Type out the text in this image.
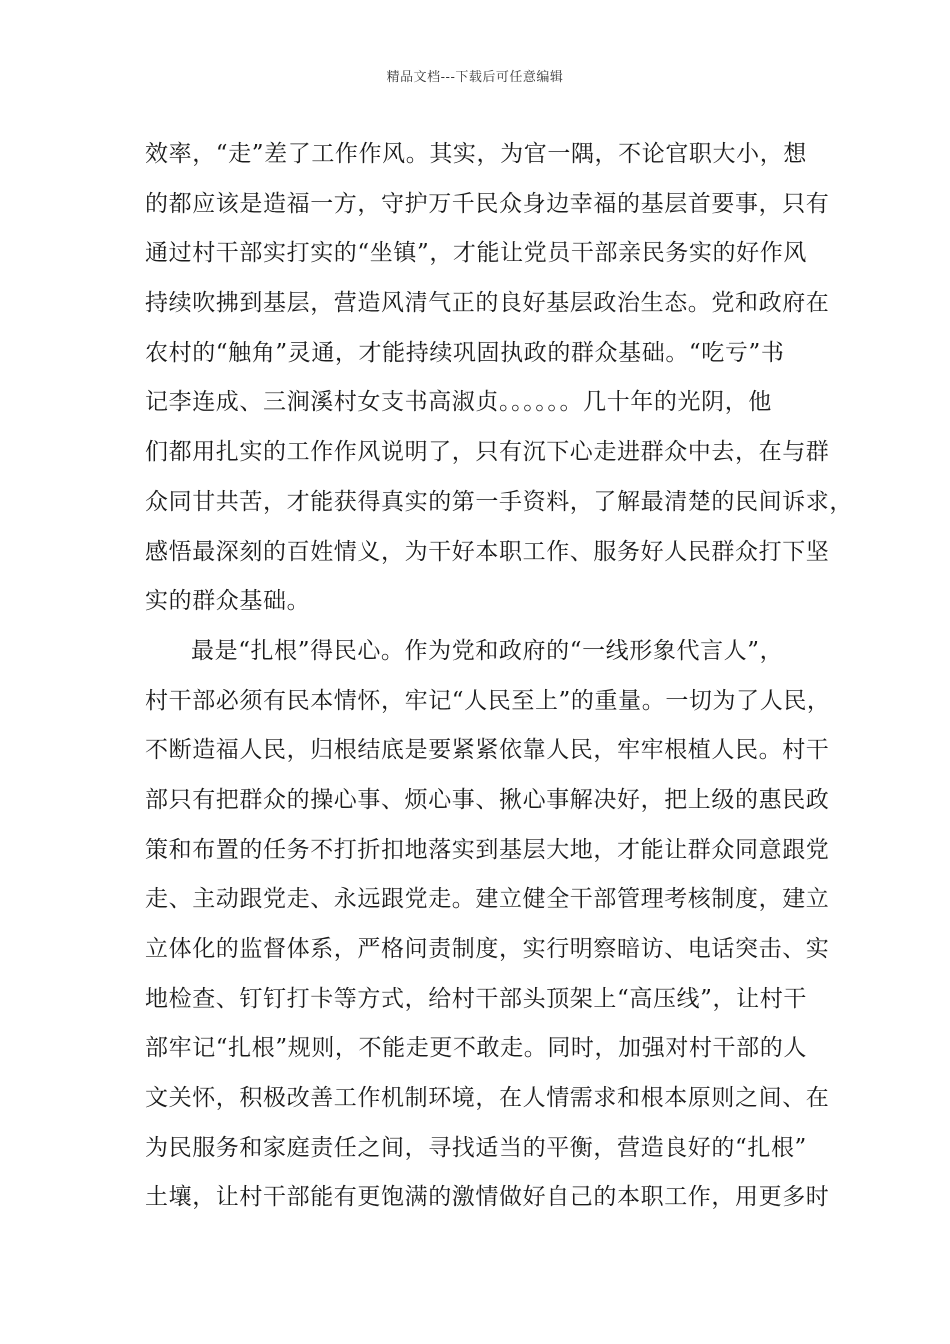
精品文档---下载后可任意编辑
效率，“走”差了工作作风。其实，为官一隅，不论官职大小，想
的都应该是造福一方，守护万千民众身边幸福的基层首要事，只有
通过村干部实打实的“坐镇”，才能让党员干部亲民务实的好作风
持续吹拂到基层，营造风清气正的良好基层政治生态。党和政府在
农村的“触角”灵通，才能持续巩固执政的群众基础。“吃亏”书
记李连成、三涧溪村女支书高淑贞。。。。。。几十年的光阴，他
们都用扎实的工作作风说明了，只有沉下心走进群众中去，在与群
众同甘共苦，才能获得真实的第一手资料，了解最清楚的民间诉求，
感悟最深刻的百姓情义，为干好本职工作、服务好人民群众打下坚
实的群众基础。
最是“扎根”得民心。作为党和政府的“一线形象代言人”，
村干部必须有民本情怀，牢记“人民至上”的重量。一切为了人民，
不断造福人民，归根结底是要紧紧依靠人民，牢牢根植人民。村干
部只有把群众的操心事、烦心事、揪心事解决好，把上级的惠民政
策和布置的任务不打折扣地落实到基层大地，才能让群众同意跟党
走、主动跟党走、永远跟党走。建立健全干部管理考核制度，建立
立体化的监督体系，严格问责制度，实行明察暗访、电话突击、实
地检查、钉钉打卡等方式，给村干部头顶架上“高压线”，让村干
部牢记“扎根”规则，不能走更不敢走。同时，加强对村干部的人
文关怀，积极改善工作机制环境，在人情需求和根本原则之间、在
为民服务和家庭责任之间，寻找适当的平衡，营造良好的“扎根”
土壤，让村干部能有更饱满的激情做好自己的本职工作，用更多时
